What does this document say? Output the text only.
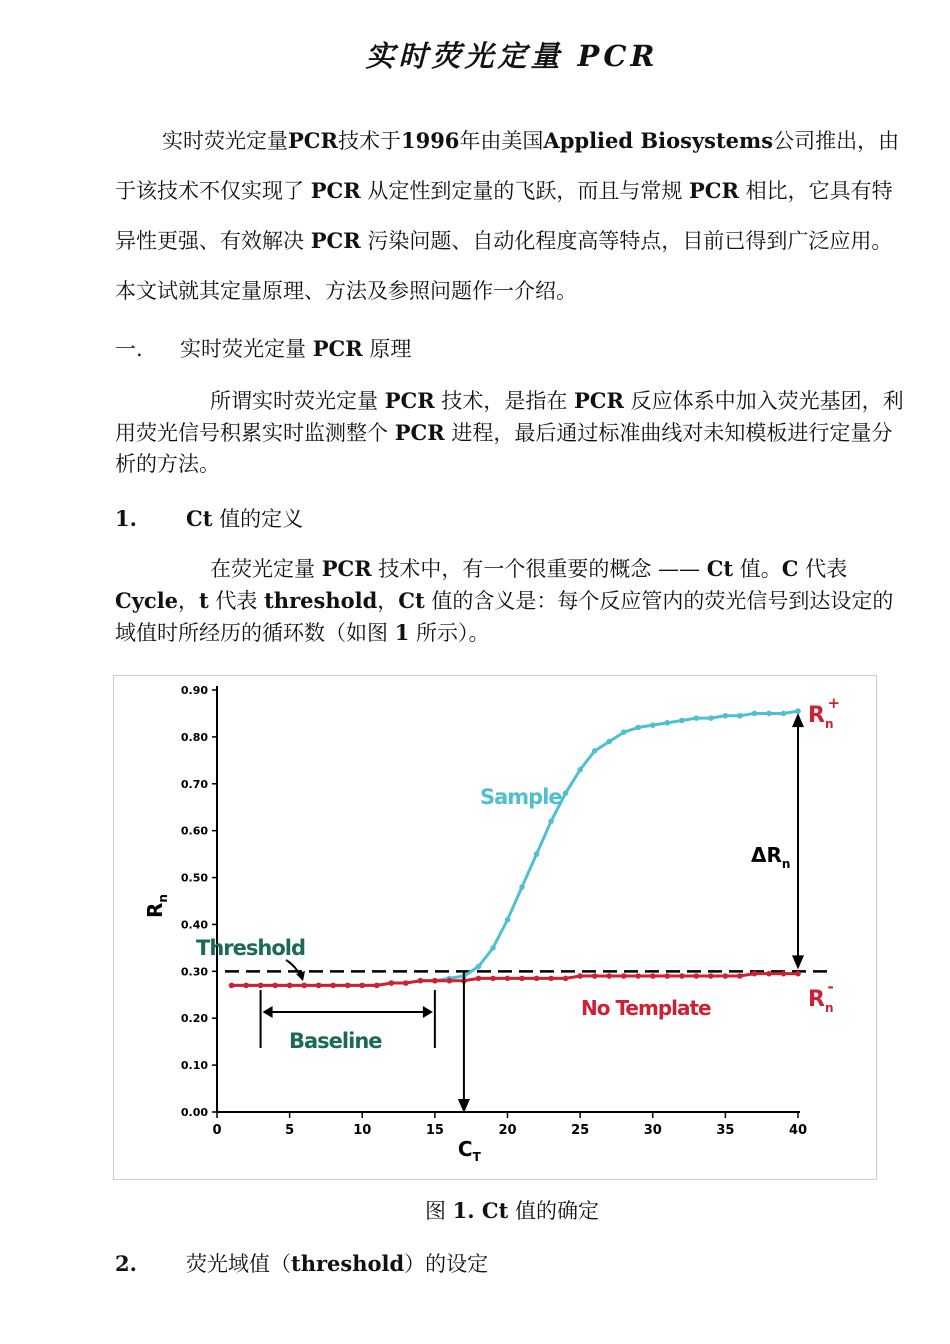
实时荧光定量 PCR
实时荧光定量PCR技术于1996年由美国Applied Biosystems公司推出，由于该技术不仅实现了 PCR 从定性到定量的飞跃，而且与常规 PCR 相比，它具有特异性更强、有效解决 PCR 污染问题、自动化程度高等特点，目前已得到广泛应用。本文试就其定量原理、方法及参照问题作一介绍。
一. 实时荧光定量 PCR 原理
所谓实时荧光定量 PCR 技术，是指在 PCR 反应体系中加入荧光基团，利用荧光信号积累实时监测整个 PCR 进程，最后通过标准曲线对未知模板进行定量分析的方法。
1. Ct 值的定义
在荧光定量 PCR 技术中，有一个很重要的概念 —— Ct 值。C 代表 Cycle，t 代表 threshold，Ct 值的含义是：每个反应管内的荧光信号到达设定的域值时所经历的循环数（如图 1 所示）。
0.00
0.10
0.20
0.30
0.40
0.50
0.60
0.70
0.80
0.90
0	5	10	15	20	25	30	35	40
$R_n$
Threshold
Baseline
$C_T$
Sample
No Template
$R_n+$
$R_n-$
$\Delta R_n$
图 1. Ct 值的确定
2. 荧光域值（threshold）的设定
